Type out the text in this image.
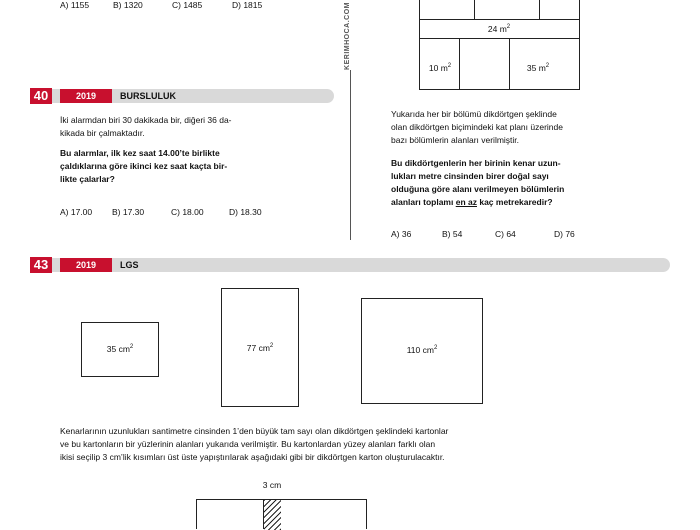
A) 1155	B) 1320	C) 1485	D) 1815	KERIMHOCA.COM	24 $m^2$
10 $m^2$	35 $m^2$
40	2019	BURSLULUK
İki alarmdan biri 30 dakikada bir, diğeri 36 da-
kikada bir çalmaktadır.
Bu alarmlar, ilk kez saat 14.00’te birlikte
çaldıklarına göre ikinci kez saat kaçta bir-
likte çalarlar?
A) 17.00 B) 17.30	C) 18.00	D) 18.30
Yukarıda her bir bölümü dikdörtgen şeklinde
olan dikdörtgen biçimindeki kat planı üzerinde
bazı bölümlerin alanları verilmiştir.
Bu dikdörtgenlerin her birinin kenar uzun-
lukları metre cinsinden birer doğal sayı
olduğuna göre alanı verilmeyen bölümlerin
alanları toplamı en az kaç metrekaredir?
A) 36	B) 54	C) 64	D) 76
43	2019	LGS
35 $cm^2$	77 $cm^2$	110 $cm^2$
Kenarlarının uzunlukları santimetre cinsinden 1’den büyük tam sayı olan dikdörtgen şeklindeki kartonlar
ve bu kartonların bir yüzlerinin alanları yukarıda verilmiştir. Bu kartonlardan yüzey alanları farklı olan
ikisi seçilip 3 cm’lik kısımları üst üste yapıştırılarak aşağıdaki gibi bir dikdörtgen karton oluşturulacaktır.
3 cm
